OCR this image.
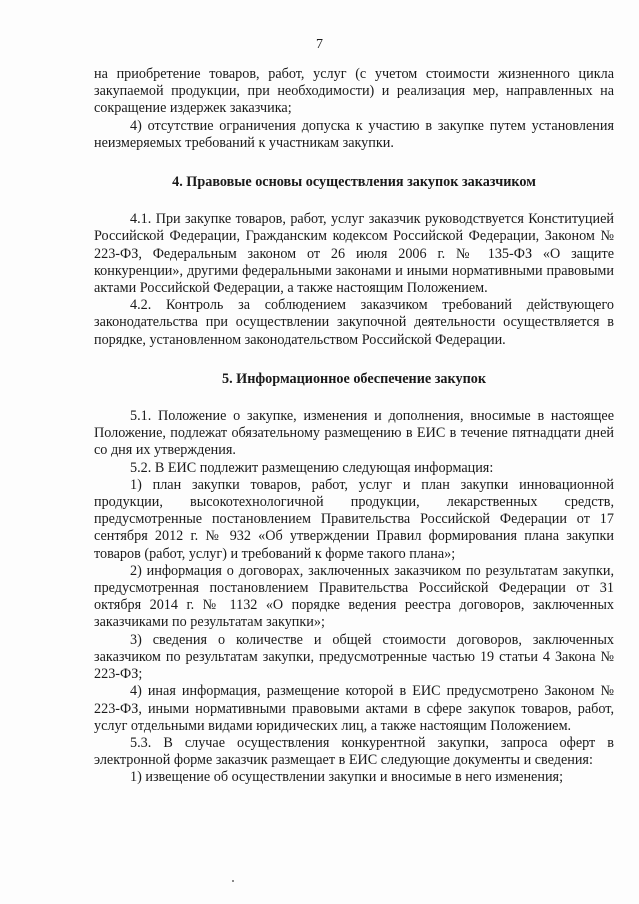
7

на приобретение товаров, работ, услуг (с учетом стоимости жизненного цикла закупаемой продукции, при необходимости) и реализация мер, направленных на сокращение издержек заказчика;

4) отсутствие ограничения допуска к участию в закупке путем установления неизмеряемых требований к участникам закупки.

4. Правовые основы осуществления закупок заказчиком

4.1. При закупке товаров, работ, услуг заказчик руководствуется Конституцией Российской Федерации, Гражданским кодексом Российской Федерации, Законом № 223-ФЗ, Федеральным законом от 26 июля 2006 г. № 135-ФЗ «О защите конкуренции», другими федеральными законами и иными нормативными правовыми актами Российской Федерации, а также настоящим Положением.

4.2. Контроль за соблюдением заказчиком требований действующего законодательства при осуществлении закупочной деятельности осуществляется в порядке, установленном законодательством Российской Федерации.

5. Информационное обеспечение закупок

5.1. Положение о закупке, изменения и дополнения, вносимые в настоящее Положение, подлежат обязательному размещению в ЕИС в течение пятнадцати дней со дня их утверждения.

5.2. В ЕИС подлежит размещению следующая информация:

1) план закупки товаров, работ, услуг и план закупки инновационной продукции, высокотехнологичной продукции, лекарственных средств, предусмотренные постановлением Правительства Российской Федерации от 17 сентября 2012 г. № 932 «Об утверждении Правил формирования плана закупки товаров (работ, услуг) и требований к форме такого плана»;

2) информация о договорах, заключенных заказчиком по результатам закупки, предусмотренная постановлением Правительства Российской Федерации от 31 октября 2014 г. № 1132 «О порядке ведения реестра договоров, заключенных заказчиками по результатам закупки»;

3) сведения о количестве и общей стоимости договоров, заключенных заказчиком по результатам закупки, предусмотренные частью 19 статьи 4 Закона № 223-ФЗ;

4) иная информация, размещение которой в ЕИС предусмотрено Законом № 223-ФЗ, иными нормативными правовыми актами в сфере закупок товаров, работ, услуг отдельными видами юридических лиц, а также настоящим Положением.

5.3. В случае осуществления конкурентной закупки, запроса оферт в электронной форме заказчик размещает в ЕИС следующие документы и сведения:

1) извещение об осуществлении закупки и вносимые в него изменения;
